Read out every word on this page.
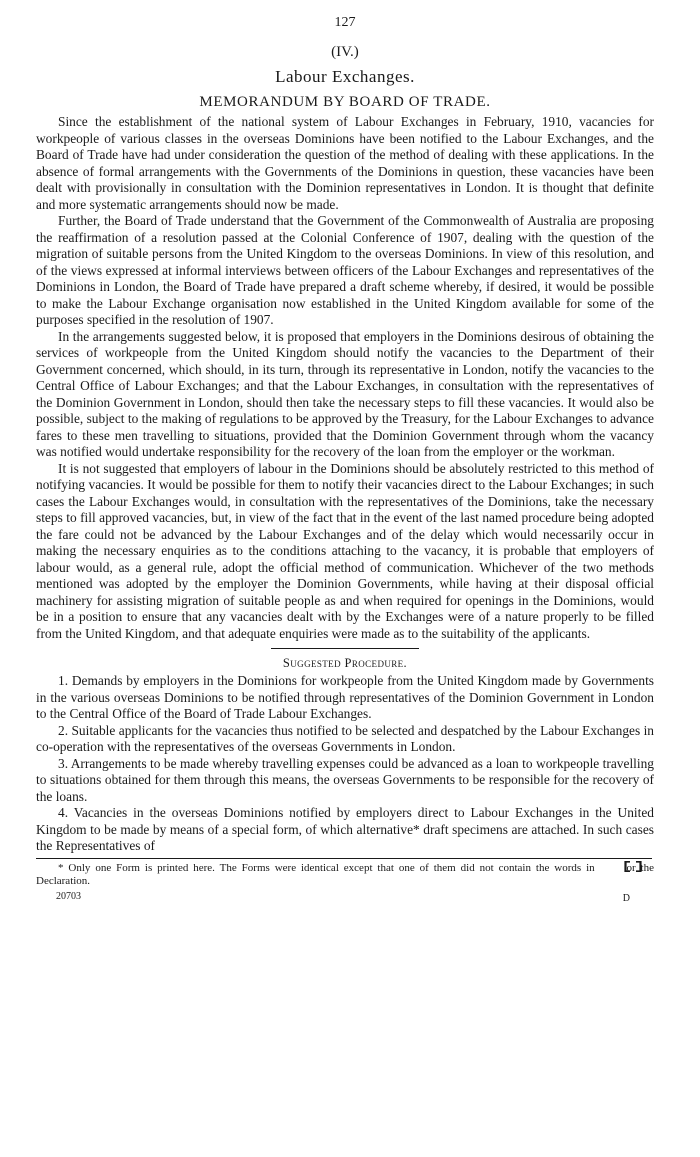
127
(IV.)
Labour Exchanges.
MEMORANDUM BY BOARD OF TRADE.

Since the establishment of the national system of Labour Exchanges in February, 1910, vacancies for workpeople of various classes in the overseas Dominions have been notified to the Labour Exchanges, and the Board of Trade have had under consideration the question of the method of dealing with these applications. In the absence of formal arrangements with the Governments of the Dominions in question, these vacancies have been dealt with provisionally in consultation with the Dominion representatives in London. It is thought that definite and more systematic arrangements should now be made.

Further, the Board of Trade understand that the Government of the Commonwealth of Australia are proposing the reaffirmation of a resolution passed at the Colonial Conference of 1907, dealing with the question of the migration of suitable persons from the United Kingdom to the overseas Dominions. In view of this resolution, and of the views expressed at informal interviews between officers of the Labour Exchanges and representatives of the Dominions in London, the Board of Trade have prepared a draft scheme whereby, if desired, it would be possible to make the Labour Exchange organisation now established in the United Kingdom available for some of the purposes specified in the resolution of 1907.

In the arrangements suggested below, it is proposed that employers in the Dominions desirous of obtaining the services of workpeople from the United Kingdom should notify the vacancies to the Department of their Government concerned, which should, in its turn, through its representative in London, notify the vacancies to the Central Office of Labour Exchanges; and that the Labour Exchanges, in consultation with the representatives of the Dominion Government in London, should then take the necessary steps to fill these vacancies. It would also be possible, subject to the making of regulations to be approved by the Treasury, for the Labour Exchanges to advance fares to these men travelling to situations, provided that the Dominion Government through whom the vacancy was notified would undertake responsibility for the recovery of the loan from the employer or the workman.

It is not suggested that employers of labour in the Dominions should be absolutely restricted to this method of notifying vacancies. It would be possible for them to notify their vacancies direct to the Labour Exchanges; in such cases the Labour Exchanges would, in consultation with the representatives of the Dominions, take the necessary steps to fill approved vacancies, but, in view of the fact that in the event of the last named procedure being adopted the fare could not be advanced by the Labour Exchanges and of the delay which would necessarily occur in making the necessary enquiries as to the conditions attaching to the vacancy, it is probable that employers of labour would, as a general rule, adopt the official method of communication. Whichever of the two methods mentioned was adopted by the employer the Dominion Governments, while having at their disposal official machinery for assisting migration of suitable people as and when required for openings in the Dominions, would be in a position to ensure that any vacancies dealt with by the Exchanges were of a nature properly to be filled from the United Kingdom, and that adequate enquiries were made as to the suitability of the applicants.

Suggested Procedure.

1. Demands by employers in the Dominions for workpeople from the United Kingdom made by Governments in the various overseas Dominions to be notified through representatives of the Dominion Government in London to the Central Office of the Board of Trade Labour Exchanges.

2. Suitable applicants for the vacancies thus notified to be selected and despatched by the Labour Exchanges in co-operation with the representatives of the overseas Governments in London.

3. Arrangements to be made whereby travelling expenses could be advanced as a loan to workpeople travelling to situations obtained for them through this means, the overseas Governments to be responsible for the recovery of the loans.

4. Vacancies in the overseas Dominions notified by employers direct to Labour Exchanges in the United Kingdom to be made by means of a special form, of which alternative* draft specimens are attached. In such cases the Representatives of

* Only one Form is printed here. The Forms were identical except that one of them did not contain the words in	or the Declaration.

20703	D
